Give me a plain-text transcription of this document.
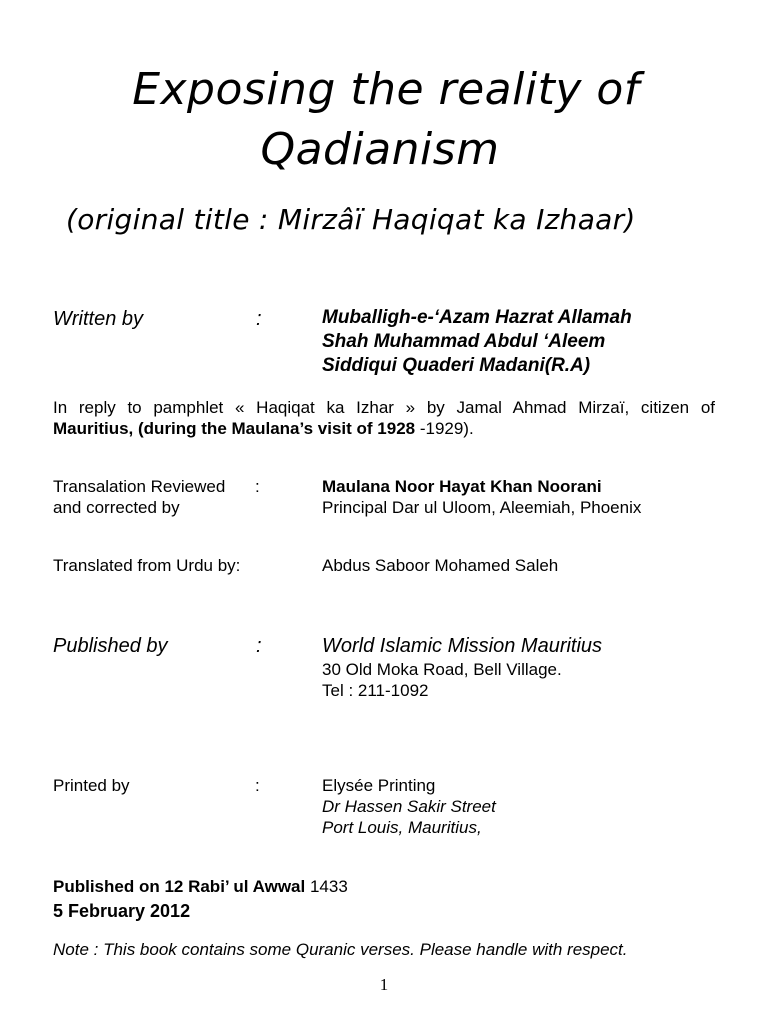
Exposing the reality of
Qadianism
(original title : Mirzâï Haqiqat ka Izhaar)
Written by	:	Muballigh-e-‘Azam Hazrat Allamah
Shah Muhammad Abdul ‘Aleem
Siddiqui Quaderi Madani(R.A)
In reply to pamphlet « Haqiqat ka Izhar » by Jamal Ahmad Mirzaï, citizen of
Mauritius, (during the Maulana’s visit of 1928 -1929).
Transalation Reviewed
and corrected by
:	Maulana Noor Hayat Khan Noorani
Principal Dar ul Uloom, Aleemiah, Phoenix
Translated from Urdu by:	Abdus Saboor Mohamed Saleh
Published by	:	World Islamic Mission Mauritius
30 Old Moka Road, Bell Village.
Tel : 211-1092
Printed by	:	Elysée Printing
Dr Hassen Sakir Street
Port Louis, Mauritius,
Published on 12 Rabi’ ul Awwal 1433
5 February 2012
Note : This book contains some Quranic verses. Please handle with respect.
1
